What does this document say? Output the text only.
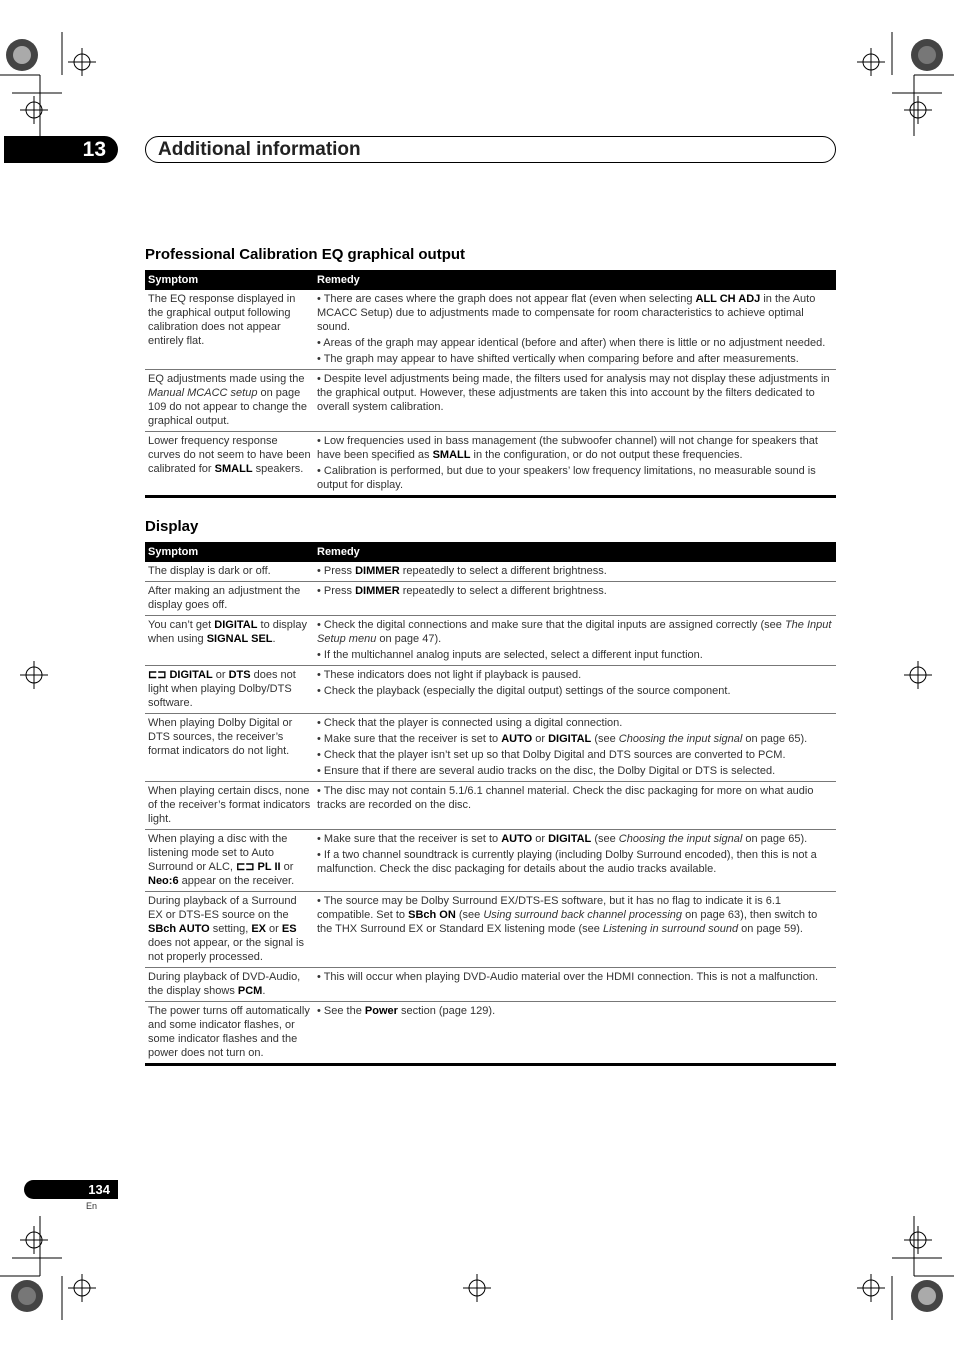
13	Additional information
Professional Calibration EQ graphical output
Symptom	Remedy
The EQ response displayed in the graphical output following calibration does not appear entirely flat.	• There are cases where the graph does not appear flat (even when selecting ALL CH ADJ in the Auto MCACC Setup) due to adjustments made to compensate for room characteristics to achieve optimal sound.
• Areas of the graph may appear identical (before and after) when there is little or no adjustment needed.
• The graph may appear to have shifted vertically when comparing before and after measurements.

EQ adjustments made using the Manual MCACC setup on page 109 do not appear to change the graphical output.	• Despite level adjustments being made, the filters used for analysis may not display these adjustments in the graphical output. However, these adjustments are taken this into account by the filters dedicated to overall system calibration.

Lower frequency response curves do not seem to have been calibrated for SMALL speakers.	• Low frequencies used in bass management (the subwoofer channel) will not change for speakers that have been specified as SMALL in the configuration, or do not output these frequencies.
• Calibration is performed, but due to your speakers’ low frequency limitations, no measurable sound is output for display.
Display
Symptom	Remedy
The display is dark or off.	• Press DIMMER repeatedly to select a different brightness.

After making an adjustment the display goes off.	• Press DIMMER repeatedly to select a different brightness.

You can’t get DIGITAL to display when using SIGNAL SEL.	• Check the digital connections and make sure that the digital inputs are assigned correctly (see The Input Setup menu on page 47).
• If the multichannel analog inputs are selected, select a different input function.

⊏⊐ DIGITAL or DTS does not light when playing Dolby/DTS software.	• These indicators does not light if playback is paused.
• Check the playback (especially the digital output) settings of the source component.

When playing Dolby Digital or DTS sources, the receiver’s format indicators do not light.	• Check that the player is connected using a digital connection.
• Make sure that the receiver is set to AUTO or DIGITAL (see Choosing the input signal on page 65).
• Check that the player isn’t set up so that Dolby Digital and DTS sources are converted to PCM.
• Ensure that if there are several audio tracks on the disc, the Dolby Digital or DTS is selected.

When playing certain discs, none of the receiver’s format indicators light.	• The disc may not contain 5.1/6.1 channel material. Check the disc packaging for more on what audio tracks are recorded on the disc.

When playing a disc with the listening mode set to Auto Surround or ALC, ⊏⊐ PL II or Neo:6 appear on the receiver.	• Make sure that the receiver is set to AUTO or DIGITAL (see Choosing the input signal on page 65).
• If a two channel soundtrack is currently playing (including Dolby Surround encoded), then this is not a malfunction. Check the disc packaging for details about the audio tracks available.

During playback of a Surround EX or DTS-ES source on the SBch AUTO setting, EX or ES does not appear, or the signal is not properly processed.	• The source may be Dolby Surround EX/DTS-ES software, but it has no flag to indicate it is 6.1 compatible. Set to SBch ON (see Using surround back channel processing on page 63), then switch to the THX Surround EX or Standard EX listening mode (see Listening in surround sound on page 59).

During playback of DVD-Audio, the display shows PCM.	• This will occur when playing DVD-Audio material over the HDMI connection. This is not a malfunction.

The power turns off automatically and some indicator flashes, or some indicator flashes and the power does not turn on.	• See the Power section (page 129).
134
En
